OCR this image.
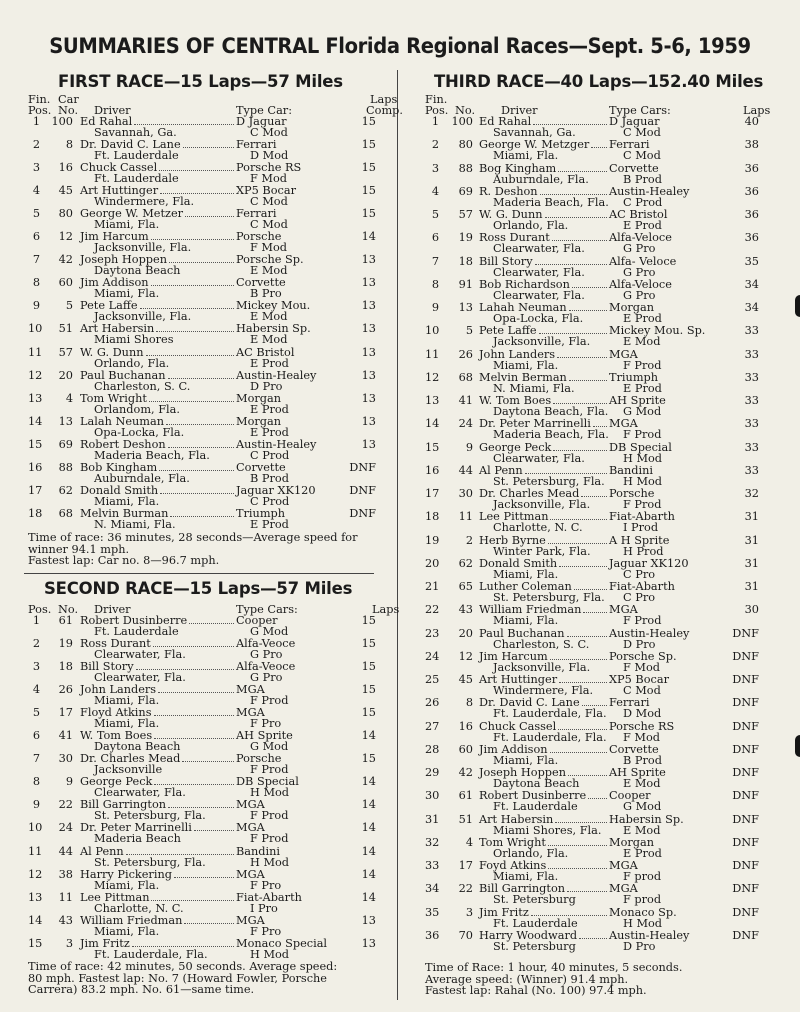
SUMMARIES OF CENTRAL Florida Regional Races—Sept. 5-6, 1959
FIRST RACE—15 Laps—57 Miles
SECOND RACE—15 Laps—57 Miles
THIRD RACE—40 Laps—152.40 Miles
Fin. Car	Laps
Pos. No. Driver	Type Car:	Comp.
1 100 Ed Rahal	D Jaguar	15
Savannah, Ga.	C Mod
2	8 Dr. David C. Lane	Ferrari	15
Ft. Lauderdale	D Mod
3	16 Chuck Cassel	Porsche RS	15
Ft. Lauderdale	F Mod
4	45 Art Huttinger	XP5 Bocar	15
Windermere, Fla.	C Mod
5	80 George W. Metzer	Ferrari	15
Miami, Fla.	C Mod
6	12 Jim Harcum	Porsche	14
Jacksonville, Fla.	F Mod
7	42 Joseph Hoppen	Porsche Sp.	13
Daytona Beach	E Mod
8	60 Jim Addison	Corvette	13
Miami, Fla.	B Pro
9	5 Pete Laffe	Mickey Mou.	13
Jacksonville, Fla.	E Mod
10	51 Art Habersin	Habersin Sp.	13
Miami Shores	E Mod
11	57 W. G. Dunn	AC Bristol	13
Orlando, Fla.	E Prod
12	20 Paul Buchanan	Austin-Healey	13
Charleston, S. C.	D Pro
13	4 Tom Wright	Morgan	13
Orlandom, Fla.	E Prod
14	13 Lalah Neuman	Morgan	13
Opa-Locka, Fla.	E Prod
15	69 Robert Deshon	Austin-Healey	13
Maderia Beach, Fla.	C Prod
16	88 Bob Kingham	Corvette	DNF
Auburndale, Fla.	B Prod
17	62 Donald Smith	Jaguar XK120	DNF
Miami, Fla.	C Prod
18	68 Melvin Burman	Triumph	DNF
N. Miami, Fla.	E Prod
Time of race: 36 minutes, 28 seconds—Average speed for
winner 94.1 mph.
Fastest lap: Car no. 8—96.7 mph.
Pos. No. Driver	Type Cars:	Laps
1	61 Robert Dusinberre	Cooper	15
Ft. Lauderdale	G Mod
2	19 Ross Durant	Alfa-Veoce	15
Clearwater, Fla.	G Pro
3	18 Bill Story	Alfa-Veoce	15
Clearwater, Fla.	G Pro
4	26 John Landers	MGA	15
Miami, Fla.	F Prod
5	17 Floyd Atkins	MGA	15
Miami, Fla.	F Pro
6	41 W. Tom Boes	AH Sprite	14
Daytona Beach	G Mod
7	30 Dr. Charles Mead	Porsche	15
Jacksonville	F Prod
8	9 George Peck	DB Special	14
Clearwater, Fla.	H Mod
9	22 Bill Garrington	MGA	14
St. Petersburg, Fla.	F Prod
10	24 Dr. Peter Marrinelli	MGA	14
Maderia Beach	F Prod
11	44 Al Penn	Bandini	14
St. Petersburg, Fla.	H Mod
12	38 Harry Pickering	MGA	14
Miami, Fla.	F Pro
13	11 Lee Pittman	Fiat-Abarth	14
Charlotte, N. C.	I Pro
14	43 William Friedman	MGA	13
Miami, Fla.	F Pro
15	3 Jim Fritz	Monaco Special	13
Ft. Lauderdale, Fla.	H Mod
Time of race: 42 minutes, 50 seconds. Average speed:
80 mph. Fastest lap: No. 7 (Howard Fowler, Porsche
Carrera) 83.2 mph. No. 61—same time.
Fin.
Pos. No. Driver	Type Cars:	Laps
1 100 Ed Rahal	D Jaguar	40
Savannah, Ga.	C Mod
2	80 George W. Metzger Ferrari	38
Miami, Fla.	C Mod
3	88 Bog Kingham	Corvette	36
Auburndale, Fla.	B Prod
4	69 R. Deshon	Austin-Healey	36
Maderia Beach, Fla. C Prod
5	57 W. G. Dunn	AC Bristol	36
Orlando, Fla.	E Prod
6	19 Ross Durant	Alfa-Veloce	36
Clearwater, Fla.	G Pro
7	18 Bill Story	Alfa- Veloce	35
Clearwater, Fla.	G Pro
8	91 Bob Richardson	Alfa-Veloce	34
Clearwater, Fla.	G Pro
9	13 Lahah Neuman	Morgan	34
Opa-Locka, Fla.	E Prod
10	5 Pete Laffe	Mickey Mou. Sp.	33
Jacksonville, Fla.	E Mod
11	26 John Landers	MGA	33
Miami, Fla.	F Prod
12	68 Melvin Berman	Triumph	33
N. Miami, Fla.	E Prod
13	41 W. Tom Boes	AH Sprite	33
Daytona Beach, Fla. G Mod
14	24 Dr. Peter Marrinelli MGA	33
Maderia Beach, Fla. F Prod
15	9 George Peck	DB Special	33
Clearwater, Fla.	H Mod
16	44 Al Penn	Bandini	33
St. Petersburg, Fla. H Mod
17	30 Dr. Charles Mead	Porsche	32
Jacksonville, Fla.	F Prod
18	11 Lee Pittman	Fiat-Abarth	31
Charlotte, N. C.	I Prod
19	2 Herb Byrne	A H Sprite	31
Winter Park, Fla.	H Prod
20	62 Donald Smith	Jaguar XK120	31
Miami, Fla.	C Pro
21	65 Luther Coleman	Fiat-Abarth	31
St. Petersburg, Fla. C Pro
22	43 William Friedman MGA	30
Miami, Fla.	F Prod
23	20 Paul Buchanan	Austin-Healey	DNF
Charleston, S. C.	D Pro
24	12 Jim Harcum	Porsche Sp.	DNF
Jacksonville, Fla.	F Mod
25	45 Art Huttinger	XP5 Bocar	DNF
Windermere, Fla.	C Mod
26	8 Dr. David C. Lane	Ferrari	DNF
Ft. Lauderdale, Fla. D Mod
27	16 Chuck Cassel	Porsche RS	DNF
Ft. Lauderdale, Fla. F Mod
28	60 Jim Addison	Corvette	DNF
Miami, Fla.	B Prod
29	42 Joseph Hoppen	AH Sprite	DNF
Daytona Beach	E Mod
30	61 Robert Dusinberre Cooper	DNF
Ft. Lauderdale	G Mod
31	51 Art Habersin	Habersin Sp.	DNF
Miami Shores, Fla. E Mod
32	4 Tom Wright	Morgan	DNF
Orlando, Fla.	E Prod
33	17 Foyd Atkins	MGA	DNF
Miami, Fla.	F prod
34	22 Bill Garrington	MGA	DNF
St. Petersburg	F prod
35	3 Jim Fritz	Monaco Sp.	DNF
Ft. Lauderdale	H Mod
36	70 Harry Woodward	Austin-Healey	DNF
St. Petersburg	D Pro
Time of Race: 1 hour, 40 minutes, 5 seconds.
Average speed: (Winner) 91.4 mph.
Fastest lap: Rahal (No. 100) 97.4 mph.
